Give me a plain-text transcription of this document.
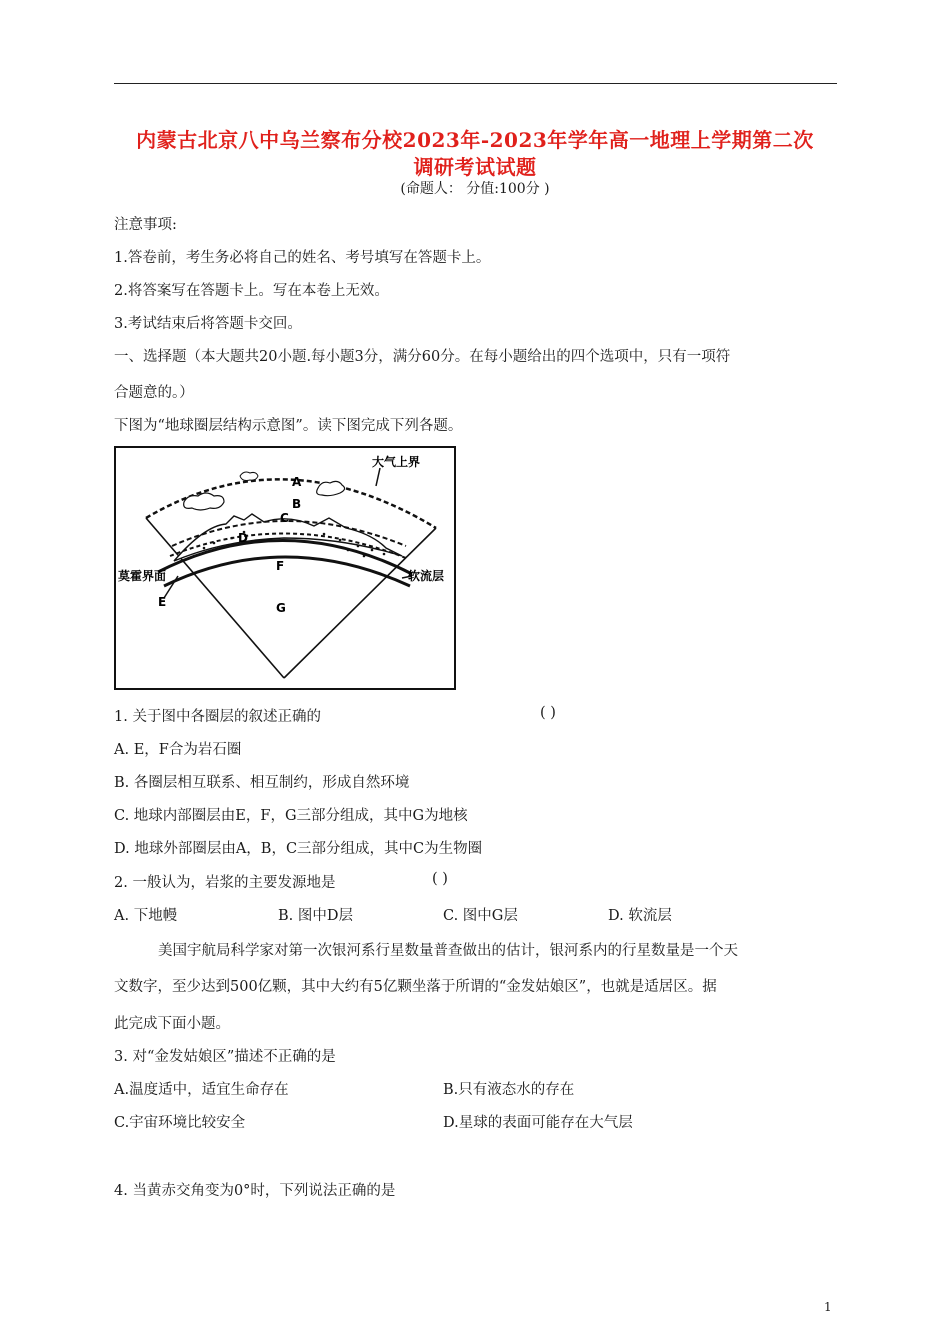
内蒙古北京八中乌兰察布分校2023年-2023年学年高一地理上学期第二次
调研考试试题
(命题人： 分值:100分 )
注意事项:
1.答卷前，考生务必将自己的姓名、考号填写在答题卡上。
2.将答案写在答题卡上。写在本卷上无效。
3.考试结束后将答题卡交回。
一、选择题（本大题共20小题.每小题3分，满分60分。在每小题给出的四个选项中，只有一项符
合题意的。）
下图为“地球圈层结构示意图”。读下图完成下列各题。
大气上界
A
B
C
D
F
G
E
莫霍界面	软流层
1. 关于图中各圈层的叙述正确的	( )
A. E，F合为岩石圈
B. 各圈层相互联系、相互制约，形成自然环境
C. 地球内部圈层由E，F，G三部分组成，其中G为地核
D. 地球外部圈层由A，B，C三部分组成，其中C为生物圈
2. 一般认为，岩浆的主要发源地是	( )
A. 下地幔	B. 图中D层	C. 图中G层	D. 软流层
美国宇航局科学家对第一次银河系行星数量普查做出的估计，银河系内的行星数量是一个天
文数字，至少达到500亿颗，其中大约有5亿颗坐落于所谓的“金发姑娘区”，也就是适居区。据
此完成下面小题。
3. 对“金发姑娘区”描述不正确的是
A.温度适中，适宜生命存在	B.只有液态水的存在
C.宇宙环境比较安全	D.星球的表面可能存在大气层
4. 当黄赤交角变为0°时，下列说法正确的是
1
